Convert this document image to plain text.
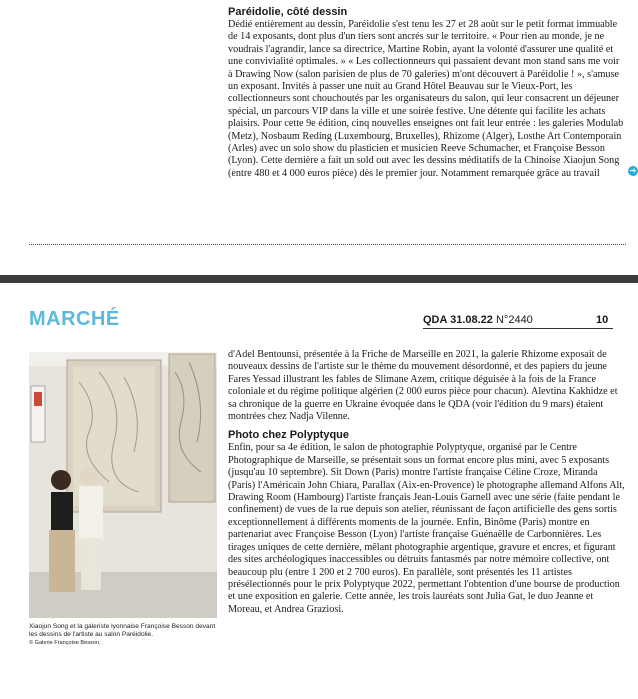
Paréidolie, côté dessin

Dédié entièrement au dessin, Paréidolie s'est tenu les 27 et 28 août sur le petit format immuable de 14 exposants, dont plus d'un tiers sont ancrés sur le territoire. « Pour rien au monde, je ne voudrais l'agrandir, lance sa directrice, Martine Robin, ayant la volonté d'assurer une qualité et une convivialité optimales. » « Les collectionneurs qui passaient devant mon stand sans me voir à Drawing Now (salon parisien de plus de 70 galeries) m'ont découvert à Paréidolie ! », s'amuse un exposant. Invités à passer une nuit au Grand Hôtel Beauvau sur le Vieux-Port, les collectionneurs sont chouchoutés par les organisateurs du salon, qui leur consacrent un déjeuner spécial, un parcours VIP dans la ville et une soirée festive. Une détente qui facilite les achats plaisirs. Pour cette 9e édition, cinq nouvelles enseignes ont fait leur entrée : les galeries Modulab (Metz), Nosbaum Reding (Luxembourg, Bruxelles), Rhizome (Alger), Losthe Art Contemporain (Arles) avec un solo show du plasticien et musicien Reeve Schumacher, et Françoise Besson (Lyon). Cette dernière a fait un sold out avec les dessins méditatifs de la Chinoise Xiaojun Song (entre 480 et 4 000 euros pièce) dès le premier jour. Notamment remarquée grâce au travail	➔
MARCHÉ	QDA 31.08.22 N°2440	10
Xiaojun Song et la galeriste lyonnaise Françoise Besson devant les dessins de l'artiste au salon Paréidolie.
© Galerie Françoise Besson.

d'Adel Bentounsi, présentée à la Friche de Marseille en 2021, la galerie Rhizome exposait de nouveaux dessins de l'artiste sur le thème du mouvement désordonné, et des papiers du jeune Fares Yessad illustrant les fables de Slimane Azem, critique déguisée à la fois de la France coloniale et du régime politique algérien (2 000 euros pièce pour chacun). Alevtina Kakhidze et sa chronique de la guerre en Ukraine évoquée dans le QDA (voir l'édition du 9 mars) étaient montrées chez Nadja Vilenne.

Photo chez Polyptyque

Enfin, pour sa 4e édition, le salon de photographie Polyptyque, organisé par le Centre Photographique de Marseille, se présentait sous un format encore plus mini, avec 5 exposants (jusqu'au 10 septembre). Sit Down (Paris) montre l'artiste française Céline Croze, Miranda (Paris) l'Américain John Chiara, Parallax (Aix-en-Provence) le photographe allemand Alfons Alt, Drawing Room (Hambourg) l'artiste français Jean-Louis Garnell avec une série (faite pendant le confinement) de vues de la rue depuis son atelier, réunissant de façon artificielle des gens sortis exceptionnellement à différents moments de la journée. Enfin, Binôme (Paris) montre en partenariat avec Françoise Besson (Lyon) l'artiste française Guénaëlle de Carbonnières. Les tirages uniques de cette dernière, mêlant photographie argentique, gravure et encres, et figurant des sites archéologiques inaccessibles ou détruits fantasmés par notre mémoire collective, ont beaucoup plu (entre 1 200 et 2 700 euros). En parallèle, sont présentés les 11 artistes présélectionnés pour le prix Polyptyque 2022, permettant l'obtention d'une bourse de production et une exposition en galerie. Cette année, les trois lauréats sont Julia Gat, le duo Jeanne et Moreau, et Andrea Graziosi.
